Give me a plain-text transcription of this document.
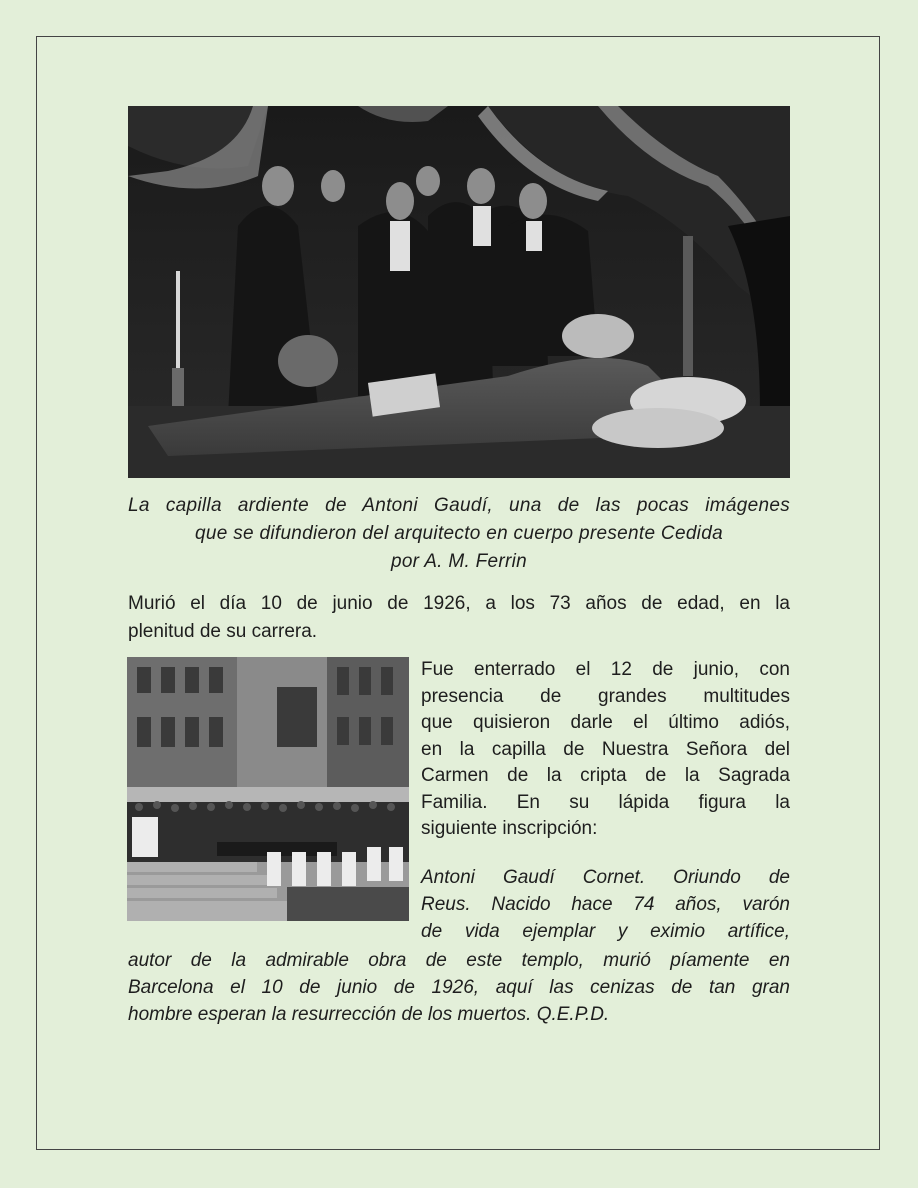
La capilla ardiente de Antoni Gaudí, una de las pocas imágenes
que se difundieron del arquitecto en cuerpo presente Cedida
por A. M. Ferrin
Murió el día 10 de junio de 1926, a los 73 años de edad, en la
plenitud de su carrera.
Fue enterrado el 12 de junio, con
presencia de grandes multitudes
que quisieron darle el último adiós,
en la capilla de Nuestra Señora del
Carmen de la cripta de la Sagrada
Familia. En su lápida figura la
siguiente inscripción:
Antoni Gaudí Cornet. Oriundo de
Reus. Nacido hace 74 años, varón
de vida ejemplar y eximio artífice,
autor de la admirable obra de este templo, murió píamente en
Barcelona el 10 de junio de 1926, aquí las cenizas de tan gran
hombre esperan la resurrección de los muertos. Q.E.P.D.
